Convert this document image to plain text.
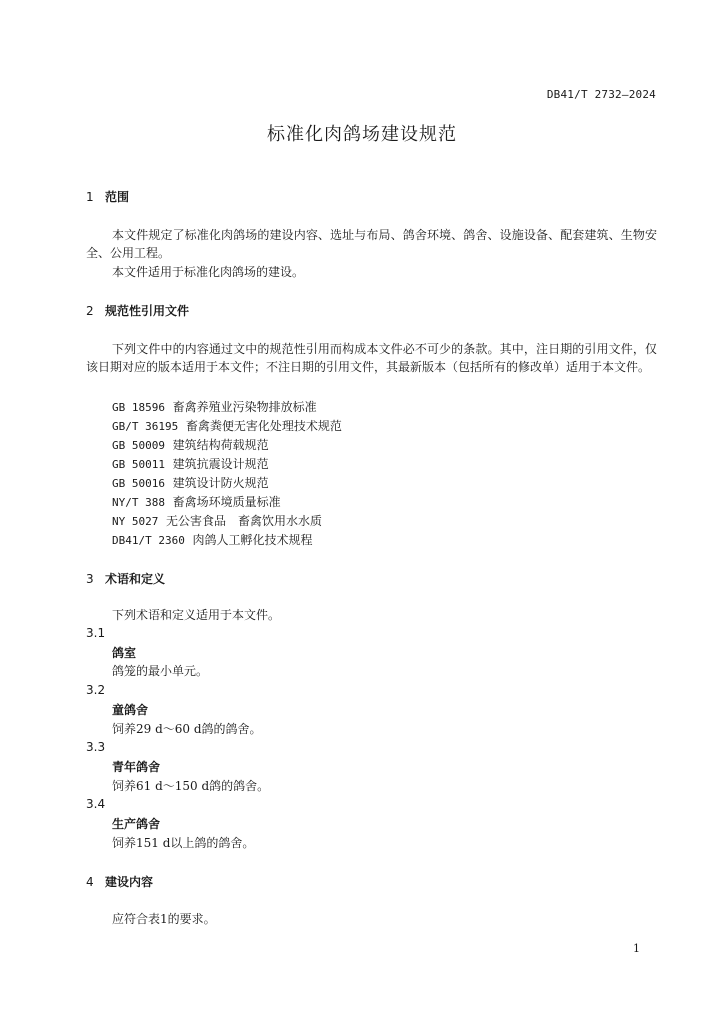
DB41/T 2732—2024
标准化肉鸽场建设规范
1 范围
本文件规定了标准化肉鸽场的建设内容、选址与布局、鸽舍环境、鸽舍、设施设备、配套建筑、生物安全、公用工程。
本文件适用于标准化肉鸽场的建设。
2 规范性引用文件
下列文件中的内容通过文中的规范性引用而构成本文件必不可少的条款。其中，注日期的引用文件，仅该日期对应的版本适用于本文件；不注日期的引用文件，其最新版本（包括所有的修改单）适用于本文件。
GB 18596 畜禽养殖业污染物排放标准
GB/T 36195 畜禽粪便无害化处理技术规范
GB 50009 建筑结构荷载规范
GB 50011 建筑抗震设计规范
GB 50016 建筑设计防火规范
NY/T 388 畜禽场环境质量标准
NY 5027 无公害食品　畜禽饮用水水质
DB41/T 2360 肉鸽人工孵化技术规程
3 术语和定义
下列术语和定义适用于本文件。
3.1
鸽室
鸽笼的最小单元。
3.2
童鸽舍
饲养29 d～60 d鸽的鸽舍。
3.3
青年鸽舍
饲养61 d～150 d鸽的鸽舍。
3.4
生产鸽舍
饲养151 d以上鸽的鸽舍。
4 建设内容
应符合表1的要求。
1
